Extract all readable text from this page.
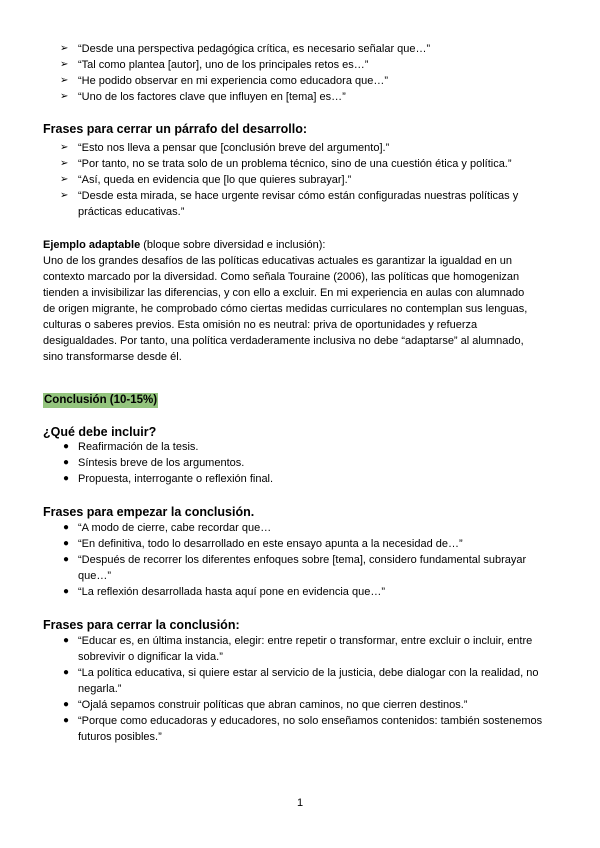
➢ “Desde una perspectiva pedagógica crítica, es necesario señalar que…”
➢ “Tal como plantea [autor], uno de los principales retos es…”
➢ “He podido observar en mi experiencia como educadora que…”
➢ “Uno de los factores clave que influyen en [tema] es…”
Frases para cerrar un párrafo del desarrollo:
➢ “Esto nos lleva a pensar que [conclusión breve del argumento].”
➢ “Por tanto, no se trata solo de un problema técnico, sino de una cuestión ética y política.”
➢ “Así, queda en evidencia que [lo que quieres subrayar].”
➢ “Desde esta mirada, se hace urgente revisar cómo están configuradas nuestras políticas y prácticas educativas.”

Ejemplo adaptable (bloque sobre diversidad e inclusión):

Uno de los grandes desafíos de las políticas educativas actuales es garantizar la igualdad en un contexto marcado por la diversidad. Como señala Touraine (2006), las políticas que homogenizan tienden a invisibilizar las diferencias, y con ello a excluir. En mi experiencia en aulas con alumnado de origen migrante, he comprobado cómo ciertas medidas curriculares no contemplan sus lenguas, culturas o saberes previos. Esta omisión no es neutral: priva de oportunidades y refuerza desigualdades. Por tanto, una política verdaderamente inclusiva no debe “adaptarse” al alumnado, sino transformarse desde él.

Conclusión (10-15%)
¿Qué debe incluir?
● Reafirmación de la tesis.
● Síntesis breve de los argumentos.
● Propuesta, interrogante o reflexión final.
Frases para empezar la conclusión.
● “A modo de cierre, cabe recordar que…
● “En definitiva, todo lo desarrollado en este ensayo apunta a la necesidad de…”
● “Después de recorrer los diferentes enfoques sobre [tema], considero fundamental subrayar que…”
● “La reflexión desarrollada hasta aquí pone en evidencia que…”
Frases para cerrar la conclusión:
● “Educar es, en última instancia, elegir: entre repetir o transformar, entre excluir o incluir, entre sobrevivir o dignificar la vida.”
● “La política educativa, si quiere estar al servicio de la justicia, debe dialogar con la realidad, no negarla.”
● “Ojalá sepamos construir políticas que abran caminos, no que cierren destinos.”
● “Porque como educadoras y educadores, no solo enseñamos contenidos: también sostenemos futuros posibles.”
1
